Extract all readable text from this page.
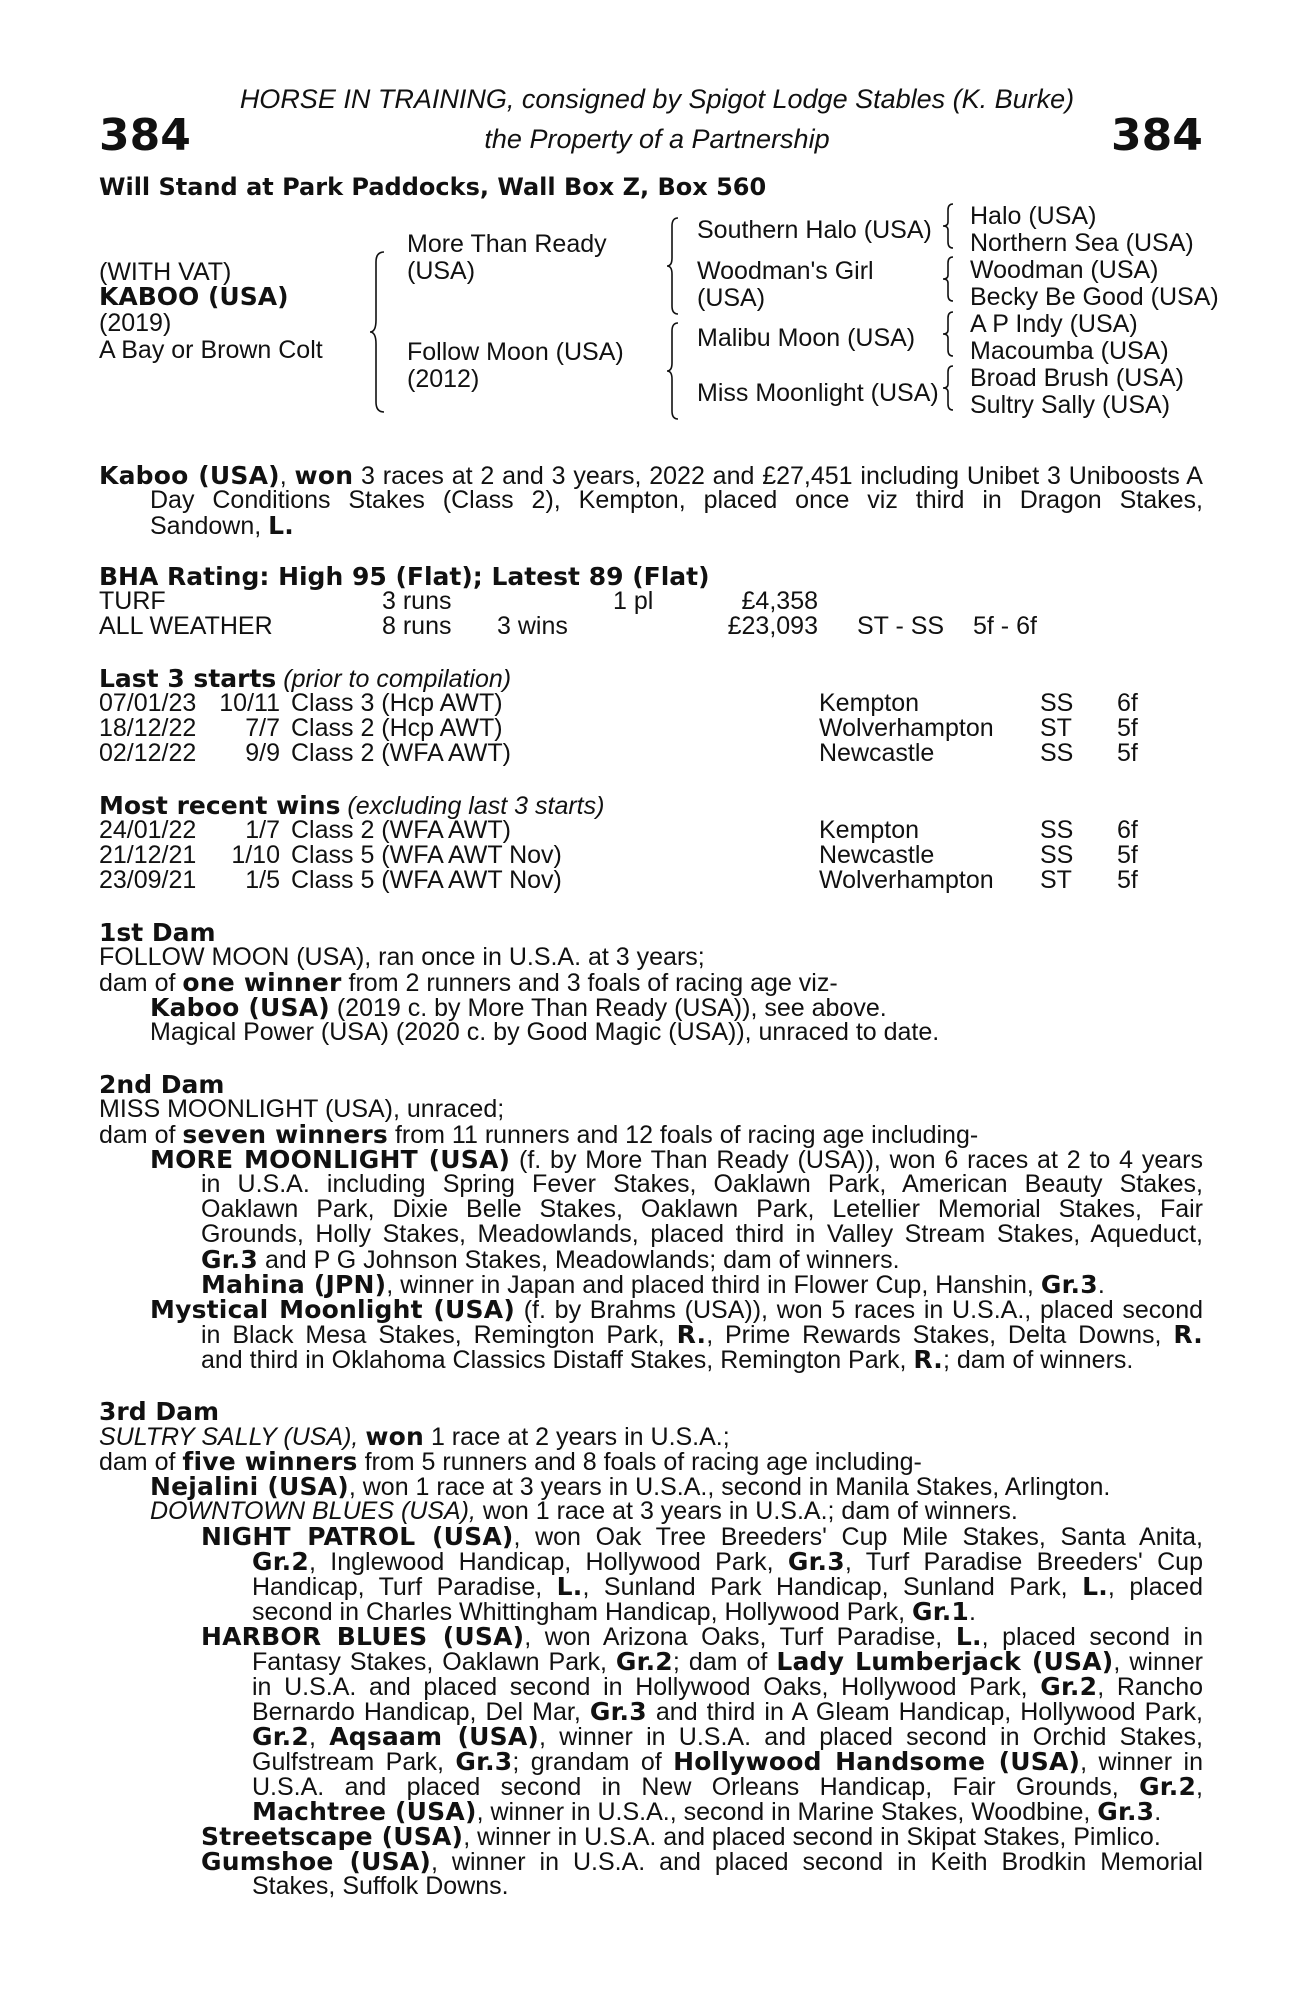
384	384
HORSE IN TRAINING, consigned by Spigot Lodge Stables (K. Burke)
the Property of a Partnership
Will Stand at Park Paddocks, Wall Box Z, Box 560
(WITH VAT)
KABOO (USA)
(2019)
A Bay or Brown Colt
More Than Ready
(USA)
Follow Moon (USA)
(2012)
Southern Halo (USA)
Woodman's Girl
(USA)
Malibu Moon (USA)
Miss Moonlight (USA)
Halo (USA)
Northern Sea (USA)
Woodman (USA)
Becky Be Good (USA)
A P Indy (USA)
Macoumba (USA)
Broad Brush (USA)
Sultry Sally (USA)
Kaboo (USA), won 3 races at 2 and 3 years, 2022 and £27,451 including Unibet 3 Uniboosts A
Day Conditions Stakes (Class 2), Kempton, placed once viz third in Dragon Stakes,
Sandown, L.
BHA Rating: High 95 (Flat); Latest 89 (Flat)
TURF	3 runs	1 pl	£4,358
ALL WEATHER	8 runs 3 wins	£23,093 ST - SS 5f - 6f
Last 3 starts (prior to compilation)
07/01/23 10/11 Class 3 (Hcp AWT)	Kempton	SS 6f
18/12/22	7/7 Class 2 (Hcp AWT)	Wolverhampton ST 5f
02/12/22	9/9 Class 2 (WFA AWT)	Newcastle	SS 5f
Most recent wins (excluding last 3 starts)
24/01/22	1/7 Class 2 (WFA AWT)	Kempton	SS 6f
21/12/21	1/10 Class 5 (WFA AWT Nov)	Newcastle	SS 5f
23/09/21	1/5 Class 5 (WFA AWT Nov)	Wolverhampton ST 5f
1st Dam
FOLLOW MOON (USA), ran once in U.S.A. at 3 years;
dam of one winner from 2 runners and 3 foals of racing age viz-
Kaboo (USA) (2019 c. by More Than Ready (USA)), see above.
Magical Power (USA) (2020 c. by Good Magic (USA)), unraced to date.
2nd Dam
MISS MOONLIGHT (USA), unraced;
dam of seven winners from 11 runners and 12 foals of racing age including-
MORE MOONLIGHT (USA) (f. by More Than Ready (USA)), won 6 races at 2 to 4 years
in U.S.A. including Spring Fever Stakes, Oaklawn Park, American Beauty Stakes,
Oaklawn Park, Dixie Belle Stakes, Oaklawn Park, Letellier Memorial Stakes, Fair
Grounds, Holly Stakes, Meadowlands, placed third in Valley Stream Stakes, Aqueduct,
Gr.3 and P G Johnson Stakes, Meadowlands; dam of winners.
Mahina (JPN), winner in Japan and placed third in Flower Cup, Hanshin, Gr.3.
Mystical Moonlight (USA) (f. by Brahms (USA)), won 5 races in U.S.A., placed second
in Black Mesa Stakes, Remington Park, R., Prime Rewards Stakes, Delta Downs, R.
and third in Oklahoma Classics Distaff Stakes, Remington Park, R.; dam of winners.
3rd Dam
SULTRY SALLY (USA), won 1 race at 2 years in U.S.A.;
dam of five winners from 5 runners and 8 foals of racing age including-
Nejalini (USA), won 1 race at 3 years in U.S.A., second in Manila Stakes, Arlington.
DOWNTOWN BLUES (USA), won 1 race at 3 years in U.S.A.; dam of winners.
NIGHT PATROL (USA), won Oak Tree Breeders' Cup Mile Stakes, Santa Anita,
Gr.2, Inglewood Handicap, Hollywood Park, Gr.3, Turf Paradise Breeders' Cup
Handicap, Turf Paradise, L., Sunland Park Handicap, Sunland Park, L., placed
second in Charles Whittingham Handicap, Hollywood Park, Gr.1.
HARBOR BLUES (USA), won Arizona Oaks, Turf Paradise, L., placed second in
Fantasy Stakes, Oaklawn Park, Gr.2; dam of Lady Lumberjack (USA), winner
in U.S.A. and placed second in Hollywood Oaks, Hollywood Park, Gr.2, Rancho
Bernardo Handicap, Del Mar, Gr.3 and third in A Gleam Handicap, Hollywood Park,
Gr.2, Aqsaam (USA), winner in U.S.A. and placed second in Orchid Stakes,
Gulfstream Park, Gr.3; grandam of Hollywood Handsome (USA), winner in
U.S.A. and placed second in New Orleans Handicap, Fair Grounds, Gr.2,
Machtree (USA), winner in U.S.A., second in Marine Stakes, Woodbine, Gr.3.
Streetscape (USA), winner in U.S.A. and placed second in Skipat Stakes, Pimlico.
Gumshoe (USA), winner in U.S.A. and placed second in Keith Brodkin Memorial
Stakes, Suffolk Downs.
